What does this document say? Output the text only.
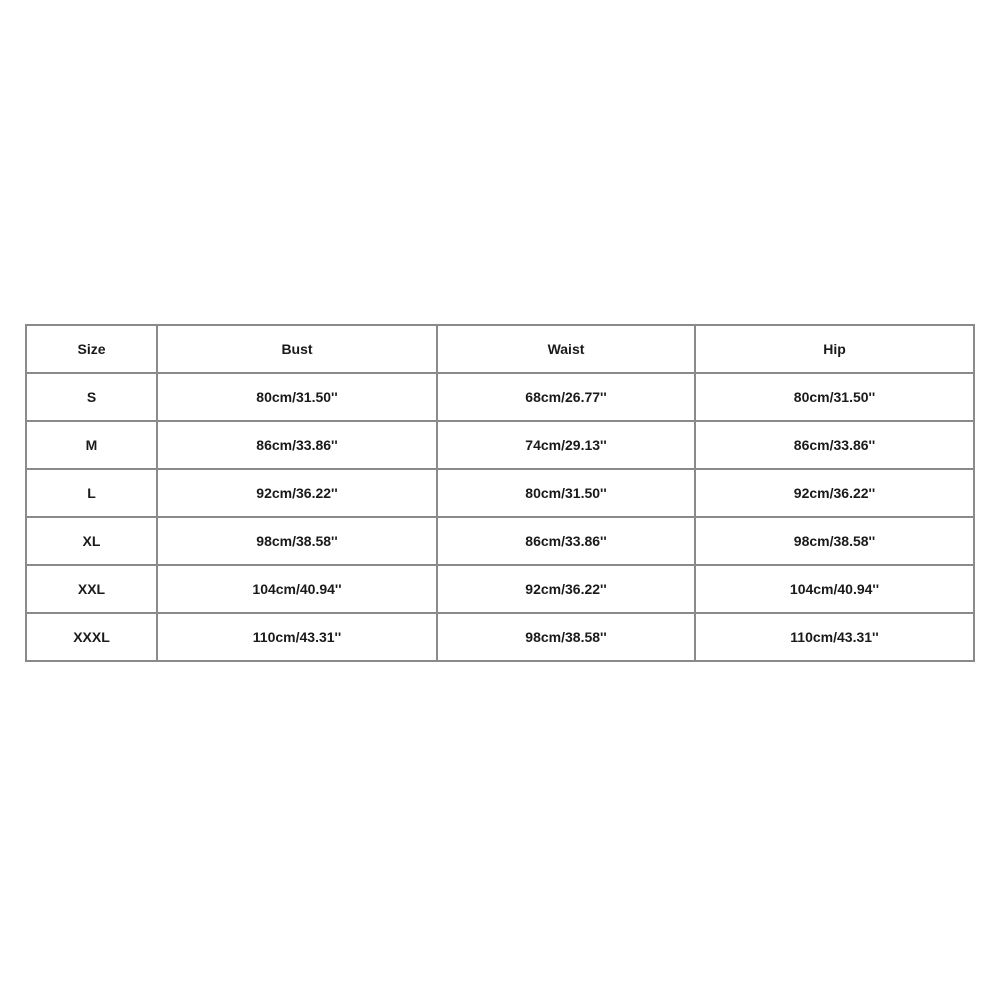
Size	Bust	Waist	Hip
S	80cm/31.50''	68cm/26.77''	80cm/31.50''
M	86cm/33.86''	74cm/29.13''	86cm/33.86''
L	92cm/36.22''	80cm/31.50''	92cm/36.22''
XL	98cm/38.58''	86cm/33.86''	98cm/38.58''
XXL	104cm/40.94''	92cm/36.22''	104cm/40.94''
XXXL	110cm/43.31''	98cm/38.58''	110cm/43.31''
